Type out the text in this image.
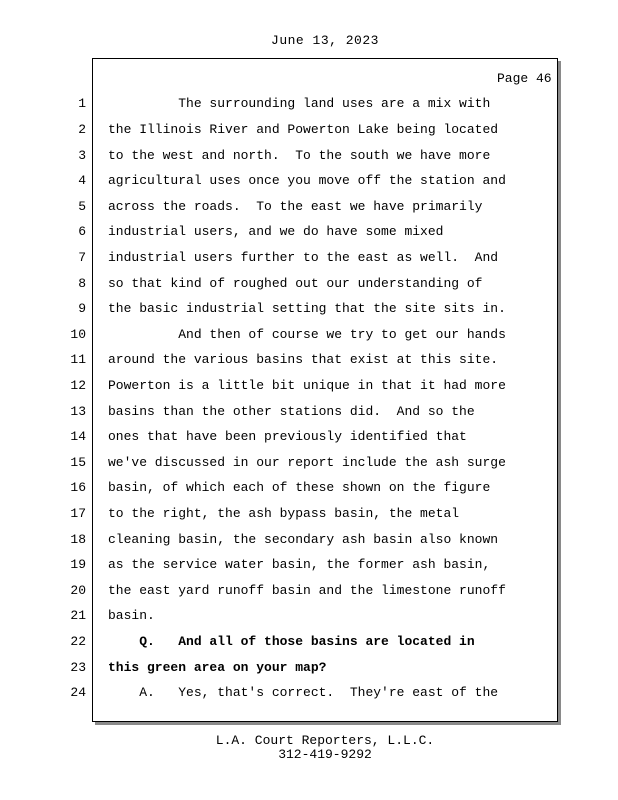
June 13, 2023
Page 46
1 The surrounding land uses are a mix with
2 the Illinois River and Powerton Lake being located
3 to the west and north.  To the south we have more
4 agricultural uses once you move off the station and
5 across the roads.  To the east we have primarily
6 industrial users, and we do have some mixed
7 industrial users further to the east as well.  And
8 so that kind of roughed out our understanding of
9 the basic industrial setting that the site sits in.
10 And then of course we try to get our hands
11 around the various basins that exist at this site.
12 Powerton is a little bit unique in that it had more
13 basins than the other stations did.  And so the
14 ones that have been previously identified that
15 we've discussed in our report include the ash surge
16 basin, of which each of these shown on the figure
17 to the right, the ash bypass basin, the metal
18 cleaning basin, the secondary ash basin also known
19 as the service water basin, the former ash basin,
20 the east yard runoff basin and the limestone runoff
21 basin.
22 Q.   And all of those basins are located in
23 this green area on your map?
24 A.   Yes, that's correct.  They're east of the
L.A. Court Reporters, L.L.C.
312-419-9292
